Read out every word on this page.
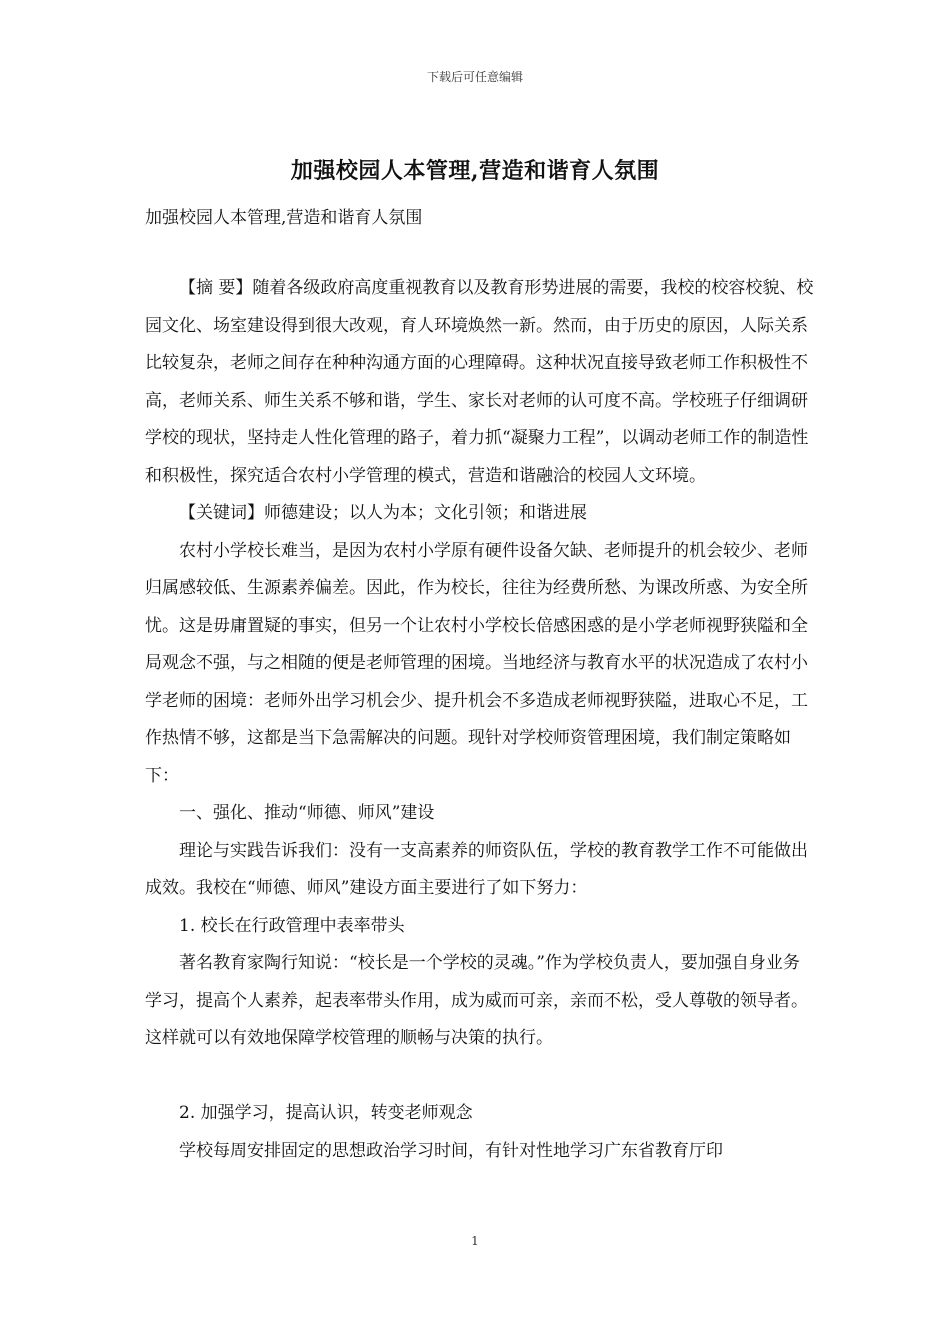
下载后可任意编辑
加强校园人本管理,营造和谐育人氛围
加强校园人本管理,营造和谐育人氛围

【摘 要】随着各级政府高度重视教育以及教育形势进展的需要，我校的校容校貌、校园文化、场室建设得到很大改观，育人环境焕然一新。然而，由于历史的原因，人际关系比较复杂，老师之间存在种种沟通方面的心理障碍。这种状况直接导致老师工作积极性不高，老师关系、师生关系不够和谐，学生、家长对老师的认可度不高。学校班子仔细调研学校的现状，坚持走人性化管理的路子，着力抓“凝聚力工程”，以调动老师工作的制造性和积极性，探究适合农村小学管理的模式，营造和谐融洽的校园人文环境。

【关键词】师德建设；以人为本；文化引领；和谐进展

农村小学校长难当，是因为农村小学原有硬件设备欠缺、老师提升的机会较少、老师归属感较低、生源素养偏差。因此，作为校长，往往为经费所愁、为课改所惑、为安全所忧。这是毋庸置疑的事实，但另一个让农村小学校长倍感困惑的是小学老师视野狭隘和全局观念不强，与之相随的便是老师管理的困境。当地经济与教育水平的状况造成了农村小学老师的困境：老师外出学习机会少、提升机会不多造成老师视野狭隘，进取心不足，工作热情不够，这都是当下急需解决的问题。现针对学校师资管理困境，我们制定策略如下：

一、强化、推动“师德、师风”建设

理论与实践告诉我们：没有一支高素养的师资队伍，学校的教育教学工作不可能做出成效。我校在“师德、师风”建设方面主要进行了如下努力：

1. 校长在行政管理中表率带头

著名教育家陶行知说：“校长是一个学校的灵魂。”作为学校负责人，要加强自身业务学习，提高个人素养，起表率带头作用，成为威而可亲，亲而不松，受人尊敬的领导者。这样就可以有效地保障学校管理的顺畅与决策的执行。

2. 加强学习，提高认识，转变老师观念

学校每周安排固定的思想政治学习时间，有针对性地学习广东省教育厅印

1
